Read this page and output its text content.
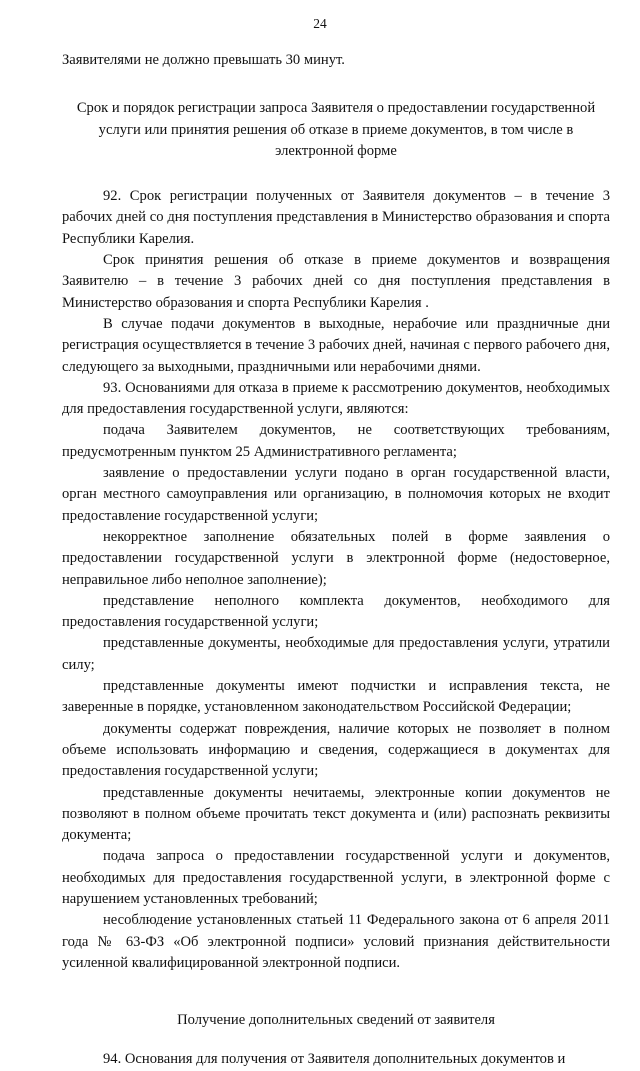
24

Заявителями не должно превышать 30 минут.

Срок и порядок регистрации запроса Заявителя о предоставлении государственной услуги или принятия решения об отказе в приеме документов, в том числе в электронной форме

92. Срок регистрации полученных от Заявителя документов – в течение 3 рабочих дней со дня поступления представления в Министерство образования и спорта Республики Карелия.

Срок принятия решения об отказе в приеме документов и возвращения Заявителю – в течение 3 рабочих дней со дня поступления представления в Министерство образования и спорта Республики Карелия .

В случае подачи документов в выходные, нерабочие или праздничные дни регистрация осуществляется в течение 3 рабочих дней, начиная с первого рабочего дня, следующего за выходными, праздничными или нерабочими днями.

93. Основаниями для отказа в приеме к рассмотрению документов, необходимых для предоставления государственной услуги, являются:

подача Заявителем документов, не соответствующих требованиям, предусмотренным пунктом 25 Административного регламента;

заявление о предоставлении услуги подано в орган государственной власти, орган местного самоуправления или организацию, в полномочия которых не входит предоставление государственной услуги;

некорректное заполнение обязательных полей в форме заявления о предоставлении государственной услуги в электронной форме (недостоверное, неправильное либо неполное заполнение);

представление неполного комплекта документов, необходимого для предоставления государственной услуги;

представленные документы, необходимые для предоставления услуги, утратили силу;

представленные документы имеют подчистки и исправления текста, не заверенные в порядке, установленном законодательством Российской Федерации;

документы содержат повреждения, наличие которых не позволяет в полном объеме использовать информацию и сведения, содержащиеся в документах для предоставления государственной услуги;

представленные документы нечитаемы, электронные копии документов не позволяют в полном объеме прочитать текст документа и (или) распознать реквизиты документа;

подача запроса о предоставлении государственной услуги и документов, необходимых для предоставления государственной услуги, в электронной форме с нарушением установленных требований;

несоблюдение установленных статьей 11 Федерального закона от 6 апреля 2011 года № 63-ФЗ «Об электронной подписи» условий признания действительности усиленной квалифицированной электронной подписи.

Получение дополнительных сведений от заявителя

94. Основания для получения от Заявителя дополнительных документов и
